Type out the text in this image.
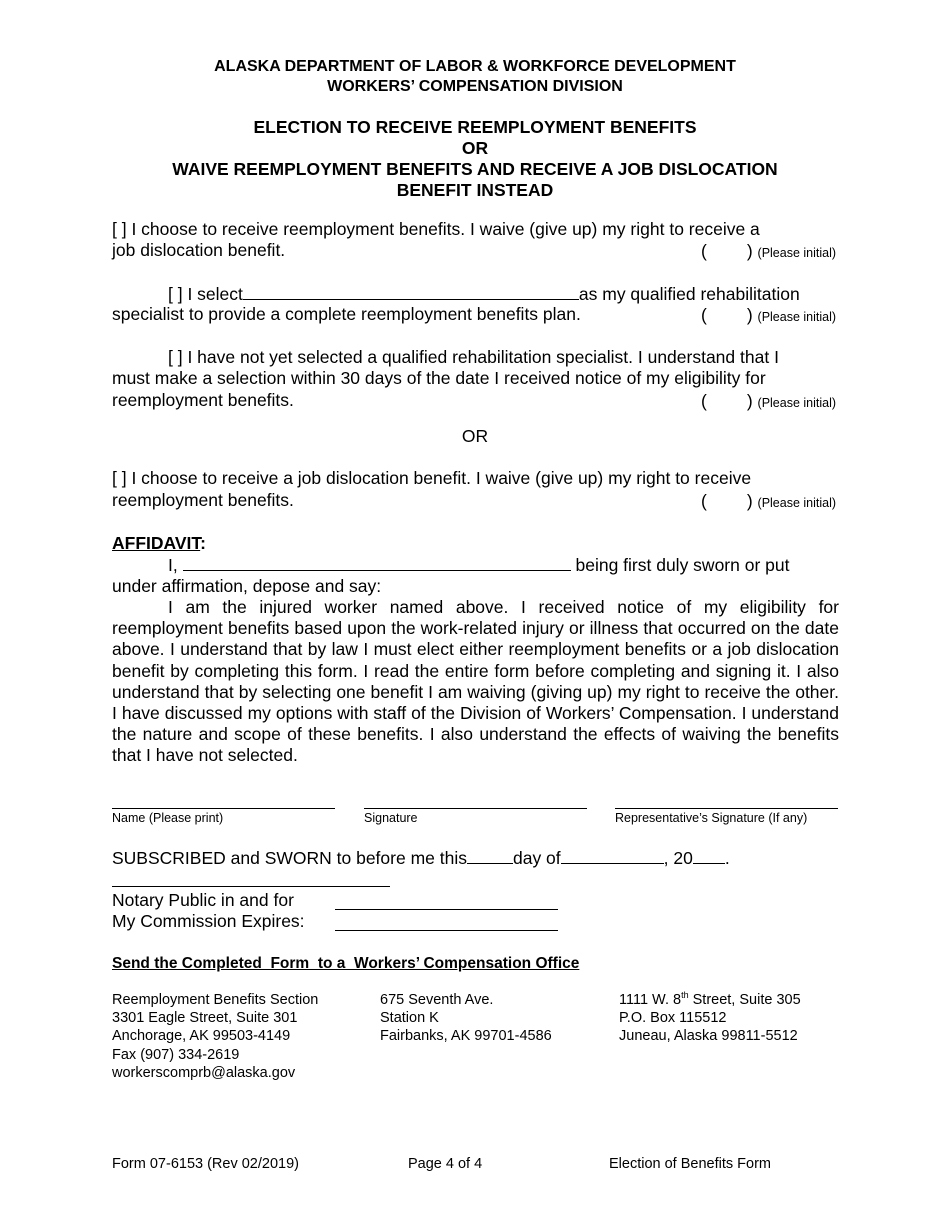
ALASKA DEPARTMENT OF LABOR & WORKFORCE DEVELOPMENT
WORKERS’ COMPENSATION DIVISION
ELECTION TO RECEIVE REEMPLOYMENT BENEFITS
OR
WAIVE REEMPLOYMENT BENEFITS AND RECEIVE A JOB DISLOCATION
BENEFIT INSTEAD
[ ] I choose to receive reemployment benefits. I waive (give up) my right to receive a
job dislocation benefit.	( ) (Please initial)
[ ] I select	as my qualified rehabilitation
specialist to provide a complete reemployment benefits plan.	( ) (Please initial)
[ ] I have not yet selected a qualified rehabilitation specialist. I understand that I
must make a selection within 30 days of the date I received notice of my eligibility for
reemployment benefits.	( ) (Please initial)
OR
[ ] I choose to receive a job dislocation benefit. I waive (give up) my right to receive
reemployment benefits.	( ) (Please initial)
AFFIDAVIT:
I,	being first duly sworn or put
under affirmation, depose and say:
I am the injured worker named above. I received notice of my eligibility for reemployment benefits based upon the work-related injury or illness that occurred on the date above. I understand that by law I must elect either reemployment benefits or a job dislocation benefit by completing this form. I read the entire form before completing and signing it. I also understand that by selecting one benefit I am waiving (giving up) my right to receive the other. I have discussed my options with staff of the Division of Workers’ Compensation. I understand the nature and scope of these benefits. I also understand the effects of waiving the benefits that I have not selected.
Name (Please print)	Signature	Representative’s Signature (If any)
SUBSCRIBED and SWORN to before me this	day of	, 20 .
Notary Public in and for
My Commission Expires:
Send the Completed  Form  to a  Workers’ Compensation Office
Reemployment Benefits Section
3301 Eagle Street, Suite 301
Anchorage, AK 99503-4149
Fax (907) 334-2619
workerscomprb@alaska.gov
675 Seventh Ave.
Station K
Fairbanks, AK 99701-4586
1111 W. 8th Street, Suite 305
P.O. Box 115512
Juneau, Alaska 99811-5512
Form 07-6153 (Rev 02/2019)	Page 4 of 4	Election of Benefits Form
